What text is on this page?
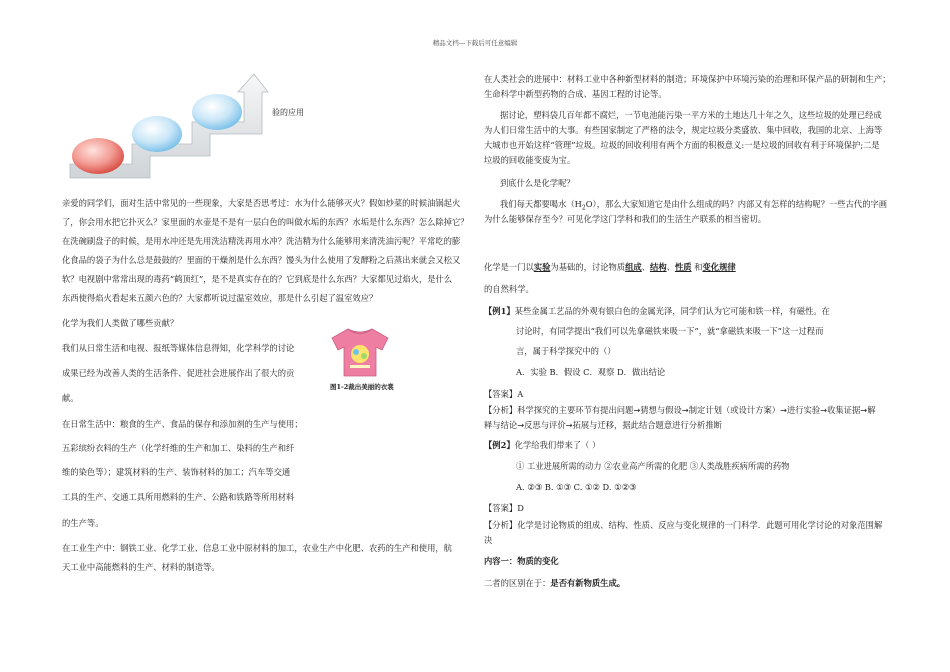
精品文档---下载后可任意编辑
验的应用
亲爱的同学们，面对生活中常见的一些现象，大家是否思考过：水为什么能够灭火？假如炒菜的时候油锅起火
了，你会用水把它扑灭么？家里面的水壶是不是有一层白色的叫做水垢的东西？水垢是什么东西？怎么除掉它？
在洗碗刷盘子的时候，是用水冲还是先用洗洁精洗再用水冲？洗洁精为什么能够用来清洗油污呢？平常吃的膨
化食品的袋子为什么总是鼓鼓的？里面的干燥剂是什么东西？馒头为什么使用了发酵粉之后蒸出来就会又松又
软？电视剧中常常出现的毒药“鹤顶红”，是不是真实存在的？它到底是什么东西？大家都见过焰火，是什么
东西使得焰火看起来五颜六色的？大家都听说过温室效应，那是什么引起了温室效应？
化学为我们人类做了哪些贡献？
我们从日常生活和电视、报纸等媒体信息得知，化学科学的讨论
成果已经为改善人类的生活条件、促进社会进展作出了很大的贡
献。
图1-2裁出美丽的衣裳
在日常生活中：粮食的生产、食品的保存和添加剂的生产与使用；
五彩缤纷衣料的生产（化学纤维的生产和加工、染料的生产和纤
维的染色等）；建筑材料的生产、装饰材料的加工；汽车等交通
工具的生产、交通工具所用燃料的生产、公路和铁路等所用材料
的生产等。
在工业生产中：钢铁工业、化学工业、信息工业中原材料的加工，农业生产中化肥、农药的生产和使用，航
天工业中高能燃料的生产、材料的制造等。
在人类社会的进展中：材料工业中各种新型材料的制造；环境保护中环境污染的治理和环保产品的研制和生产；
生命科学中新型药物的合成、基因工程的讨论等。
据讨论，塑料袋几百年都不腐烂，一节电池能污染一平方米的土地达几十年之久，这些垃圾的处理已经成
为人们日常生活中的大事。有些国家制定了严格的法令，规定垃圾分类盛放、集中回收，我国的北京、上海等
大城市也开始这样“管理”垃圾。垃圾的回收利用有两个方面的积极意义:一是垃圾的回收有利于环境保护;二是
垃圾的回收能变废为宝。
到底什么是化学呢？
我们每天都要喝水$(H_2O)$，那么大家知道它是由什么组成的吗？内部又有怎样的结构呢？一些古代的字画
为什么能够保存至今？可见化学这门学科和我们的生活生产联系的相当密切。
化学是一门以实验为基础的，讨论物质组成、结构、性质 和变化规律
的自然科学。
【例1】某些金属工艺品的外观有银白色的金属光泽，同学们认为它可能和铁一样，有磁性。在
讨论时，有同学提出“我们可以先拿磁铁来吸一下”，就“拿磁铁来吸一下”这一过程而
言，属于科学探究中的（）
A．实验 B．假设 C．观察 D．做出结论
【答案】A
【分析】科学探究的主要环节有提出问题→猜想与假设→制定计划（或设计方案）→进行实验→收集证据→解
释与结论→反思与评价→拓展与迁移，据此结合题意进行分析推断
【例2】化学给我们带来了（ ）
① 工业进展所需的动力 ②农业高产所需的化肥 ③人类战胜疾病所需的药物
A. ②③ B. ①③ C. ①② D. ①②③
【答案】D
【分析】化学是讨论物质的组成、结构、性质、反应与变化规律的一门科学．此题可用化学讨论的对象范围解
决
内容一：物质的变化
二者的区别在于：是否有新物质生成。
